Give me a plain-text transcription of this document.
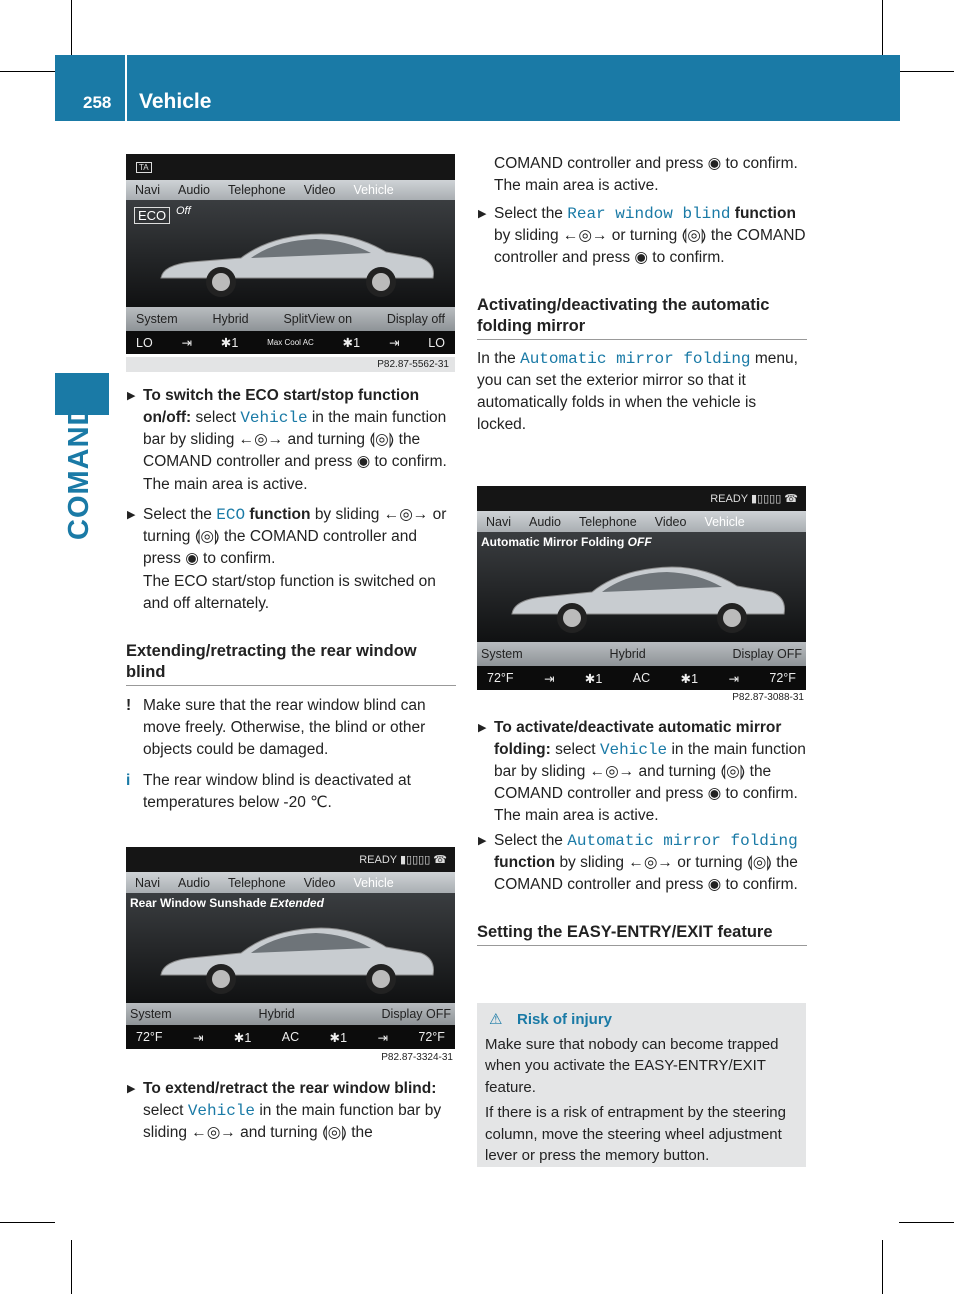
258 Vehicle
COMAND
TA
Navi	Audio	Telephone	Video	Vehicle
ECO Off
System	Hybrid	SplitView on	Display off
LO ⇥ ✱1	Max Cool AC ✱1 ⇥ LO
P82.87-5562-31
▶ To switch the ECO start/stop function on/off: select Vehicle in the main function bar by sliding ←◎→ and turning ⟬◎⟭ the COMAND controller and press ◉ to confirm.

The main area is active.

▶ Select the ECO function by sliding ←◎→ or turning ⟬◎⟭ the COMAND controller and press ◉ to confirm.

The ECO start/stop function is switched on and off alternately.

Extending/retracting the rear window blind
! Make sure that the rear window blind can move freely. Otherwise, the blind or other objects could be damaged.
i The rear window blind is deactivated at temperatures below -20 ℃.
READY ▮▯▯▯▯ ☎
Navi	Audio	Telephone	Video	Vehicle
Rear Window Sunshade Extended
System	Hybrid	Display OFF
72°F ⇥ ✱1 AC ✱1 ⇥ 72°F
P82.87-3324-31
▶ To extend/retract the rear window blind: select Vehicle in the main function bar by sliding ←◎→ and turning ⟬◎⟭ the
COMAND controller and press ◉ to confirm.

The main area is active.

▶ Select the Rear window blind function by sliding ←◎→ or turning ⟬◎⟭ the COMAND controller and press ◉ to confirm.
Activating/deactivating the automatic folding mirror

In the Automatic mirror folding menu, you can set the exterior mirror so that it automatically folds in when the vehicle is locked.

READY ▮▯▯▯▯ ☎
Navi	Audio	Telephone	Video	Vehicle
Automatic Mirror Folding OFF
System	Hybrid	Display OFF
72°F ⇥ ✱1 AC ✱1 ⇥ 72°F
P82.87-3088-31
▶ To activate/deactivate automatic mirror folding: select Vehicle in the main function bar by sliding ←◎→ and turning ⟬◎⟭ the COMAND controller and press ◉ to confirm.

The main area is active.

▶ Select the Automatic mirror folding function by sliding ←◎→ or turning ⟬◎⟭ the COMAND controller and press ◉ to confirm.
Setting the EASY-ENTRY/EXIT feature
⚠ Risk of injury

Make sure that nobody can become trapped when you activate the EASY-ENTRY/EXIT feature.

If there is a risk of entrapment by the steering column, move the steering wheel adjustment lever or press the memory button.
